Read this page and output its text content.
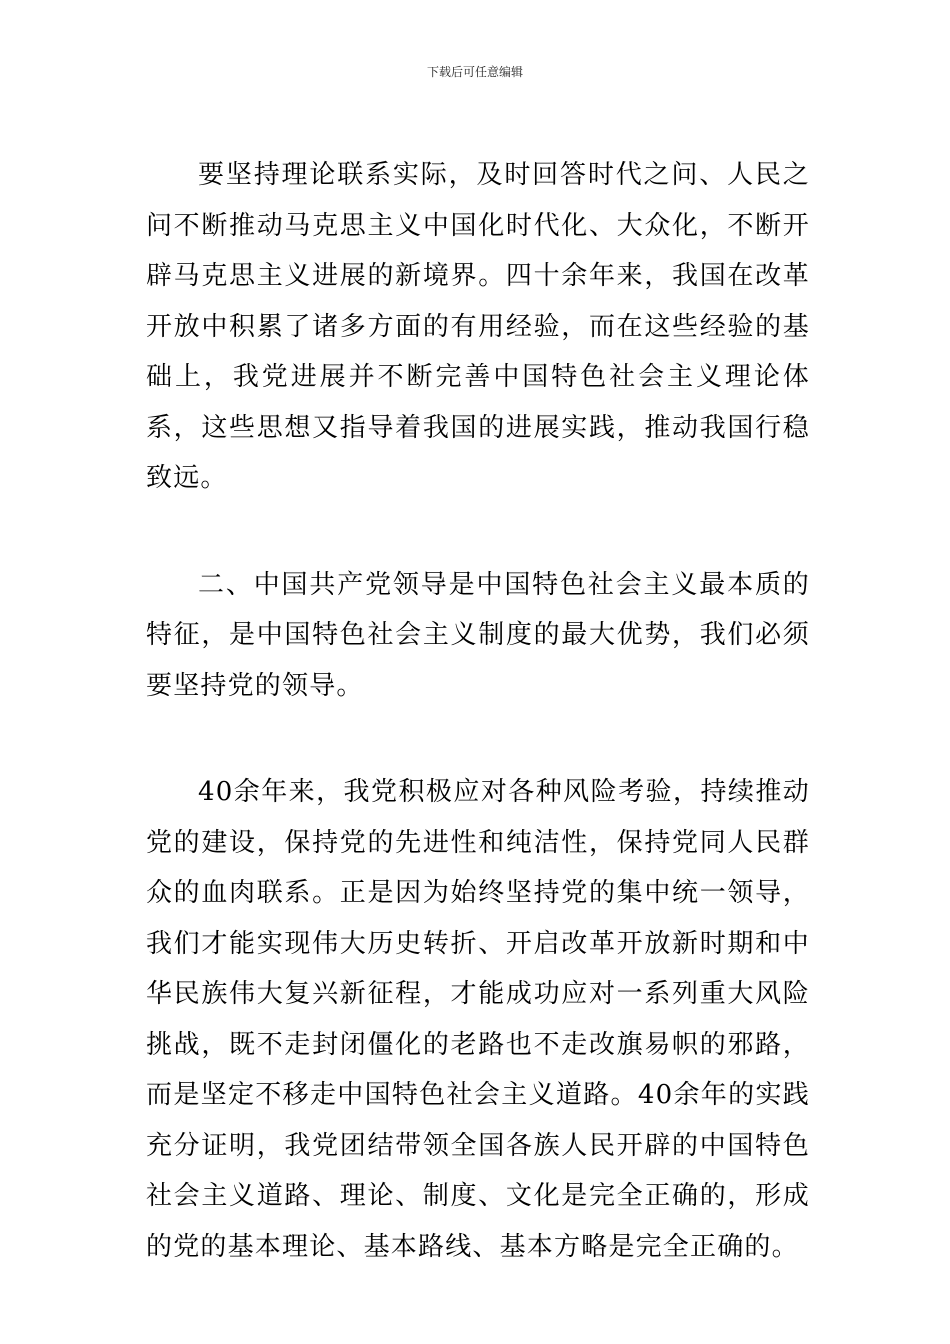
下载后可任意编辑

要坚持理论联系实际，及时回答时代之问、人民之问不断推动马克思主义中国化时代化、大众化，不断开辟马克思主义进展的新境界。四十余年来，我国在改革开放中积累了诸多方面的有用经验，而在这些经验的基础上，我党进展并不断完善中国特色社会主义理论体系，这些思想又指导着我国的进展实践，推动我国行稳致远。

二、中国共产党领导是中国特色社会主义最本质的特征，是中国特色社会主义制度的最大优势，我们必须要坚持党的领导。

40余年来，我党积极应对各种风险考验，持续推动党的建设，保持党的先进性和纯洁性，保持党同人民群众的血肉联系。正是因为始终坚持党的集中统一领导，我们才能实现伟大历史转折、开启改革开放新时期和中华民族伟大复兴新征程，才能成功应对一系列重大风险挑战，既不走封闭僵化的老路也不走改旗易帜的邪路，而是坚定不移走中国特色社会主义道路。40余年的实践充分证明，我党团结带领全国各族人民开辟的中国特色社会主义道路、理论、制度、文化是完全正确的，形成的党的基本理论、基本路线、基本方略是完全正确的。
